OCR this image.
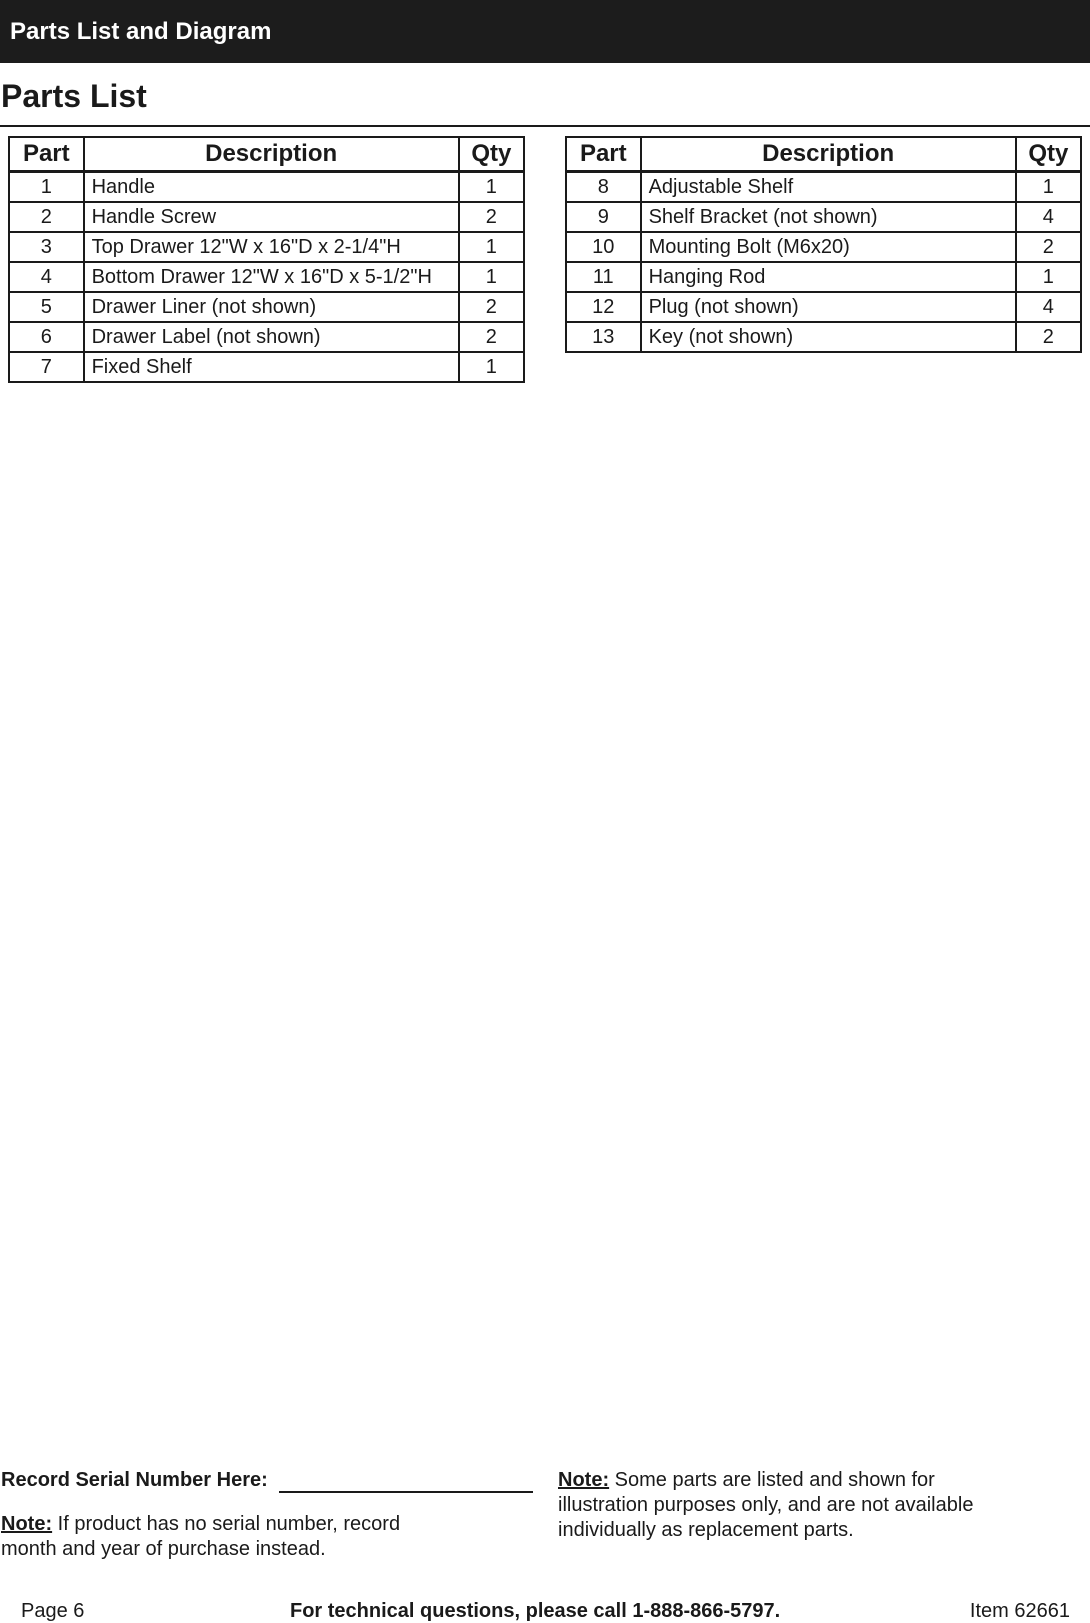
Parts List and Diagram
Parts List
Part	Description	Qty
1	Handle	1
2	Handle Screw	2
3	Top Drawer 12"W x 16"D x 2-1/4"H	1
4	Bottom Drawer 12"W x 16"D x 5-1/2"H	1
5	Drawer Liner (not shown)	2
6	Drawer Label (not shown)	2
7	Fixed Shelf	1
Part	Description	Qty
8	Adjustable Shelf	1
9	Shelf Bracket (not shown)	4
10	Mounting Bolt (M6x20)	2
11	Hanging Rod	1
12	Plug (not shown)	4
13	Key (not shown)	2
Record Serial Number Here:
Note: If product has no serial number, record month and year of purchase instead.
Note: Some parts are listed and shown for illustration purposes only, and are not available individually as replacement parts.
Page 6	For technical questions, please call 1-888-866-5797.	Item 62661
